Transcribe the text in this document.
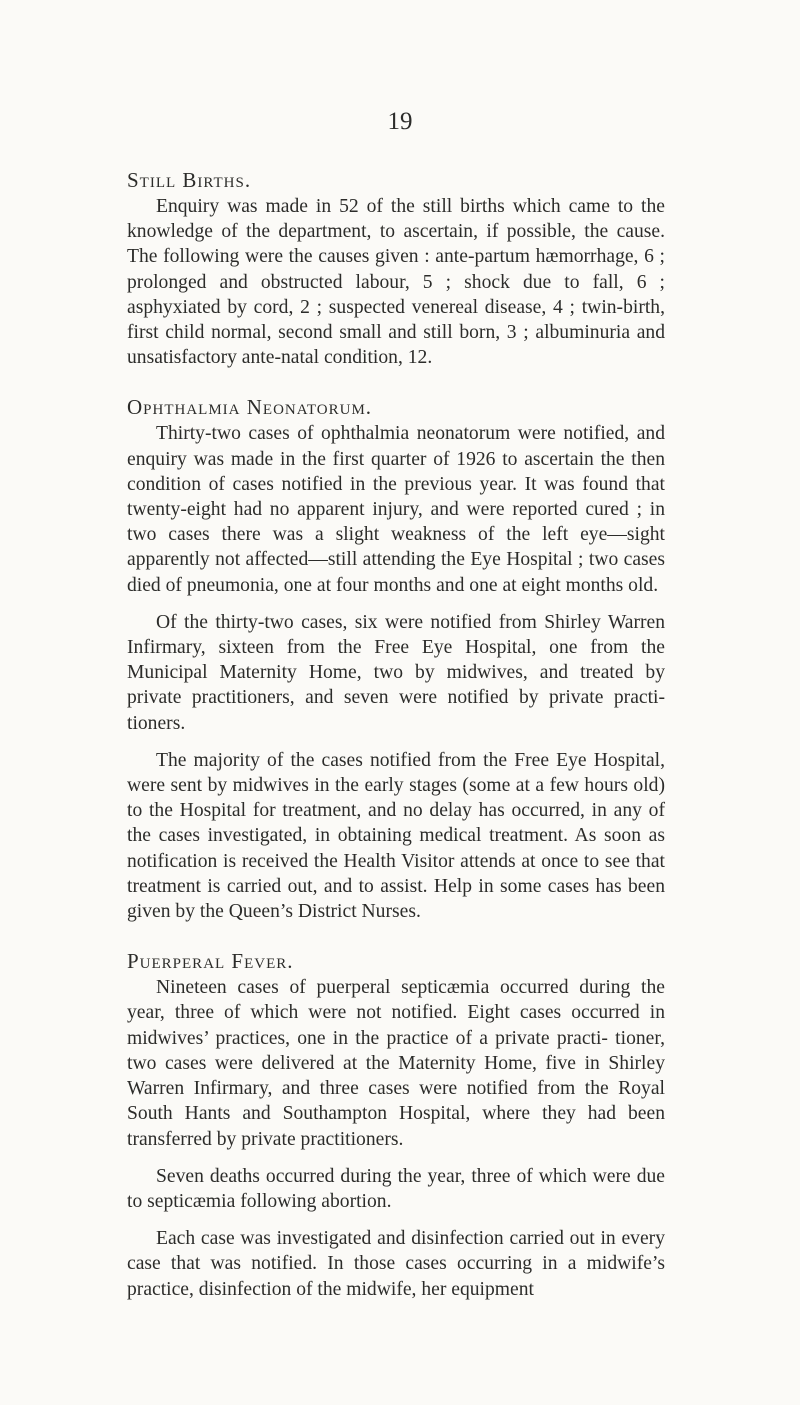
19
Still Births.

Enquiry was made in 52 of the still births which came to the knowledge of the department, to ascertain, if possible, the cause. The following were the causes given : ante-partum hæmorrhage, 6 ; prolonged and obstructed labour, 5 ; shock due to fall, 6 ; asphyxiated by cord, 2 ; suspected venereal disease, 4 ; twin-birth, first child normal, second small and still born, 3 ; albuminuria and unsatisfactory ante-natal condition, 12.

Ophthalmia Neonatorum.

Thirty-two cases of ophthalmia neonatorum were notified, and enquiry was made in the first quarter of 1926 to ascertain the then condition of cases notified in the previous year. It was found that twenty-eight had no apparent injury, and were reported cured ; in two cases there was a slight weakness of the left eye—sight apparently not affected—still attending the Eye Hospital ; two cases died of pneumonia, one at four months and one at eight months old.

Of the thirty-two cases, six were notified from Shirley Warren Infirmary, sixteen from the Free Eye Hospital, one from the Municipal Maternity Home, two by midwives, and treated by private practitioners, and seven were notified by private practi- tioners.

The majority of the cases notified from the Free Eye Hospital, were sent by midwives in the early stages (some at a few hours old) to the Hospital for treatment, and no delay has occurred, in any of the cases investigated, in obtaining medical treatment. As soon as notification is received the Health Visitor attends at once to see that treatment is carried out, and to assist. Help in some cases has been given by the Queen’s District Nurses.

Puerperal Fever.

Nineteen cases of puerperal septicæmia occurred during the year, three of which were not notified. Eight cases occurred in midwives’ practices, one in the practice of a private practi- tioner, two cases were delivered at the Maternity Home, five in Shirley Warren Infirmary, and three cases were notified from the Royal South Hants and Southampton Hospital, where they had been transferred by private practitioners.

Seven deaths occurred during the year, three of which were due to septicæmia following abortion.

Each case was investigated and disinfection carried out in every case that was notified. In those cases occurring in a midwife’s practice, disinfection of the midwife, her equipment
